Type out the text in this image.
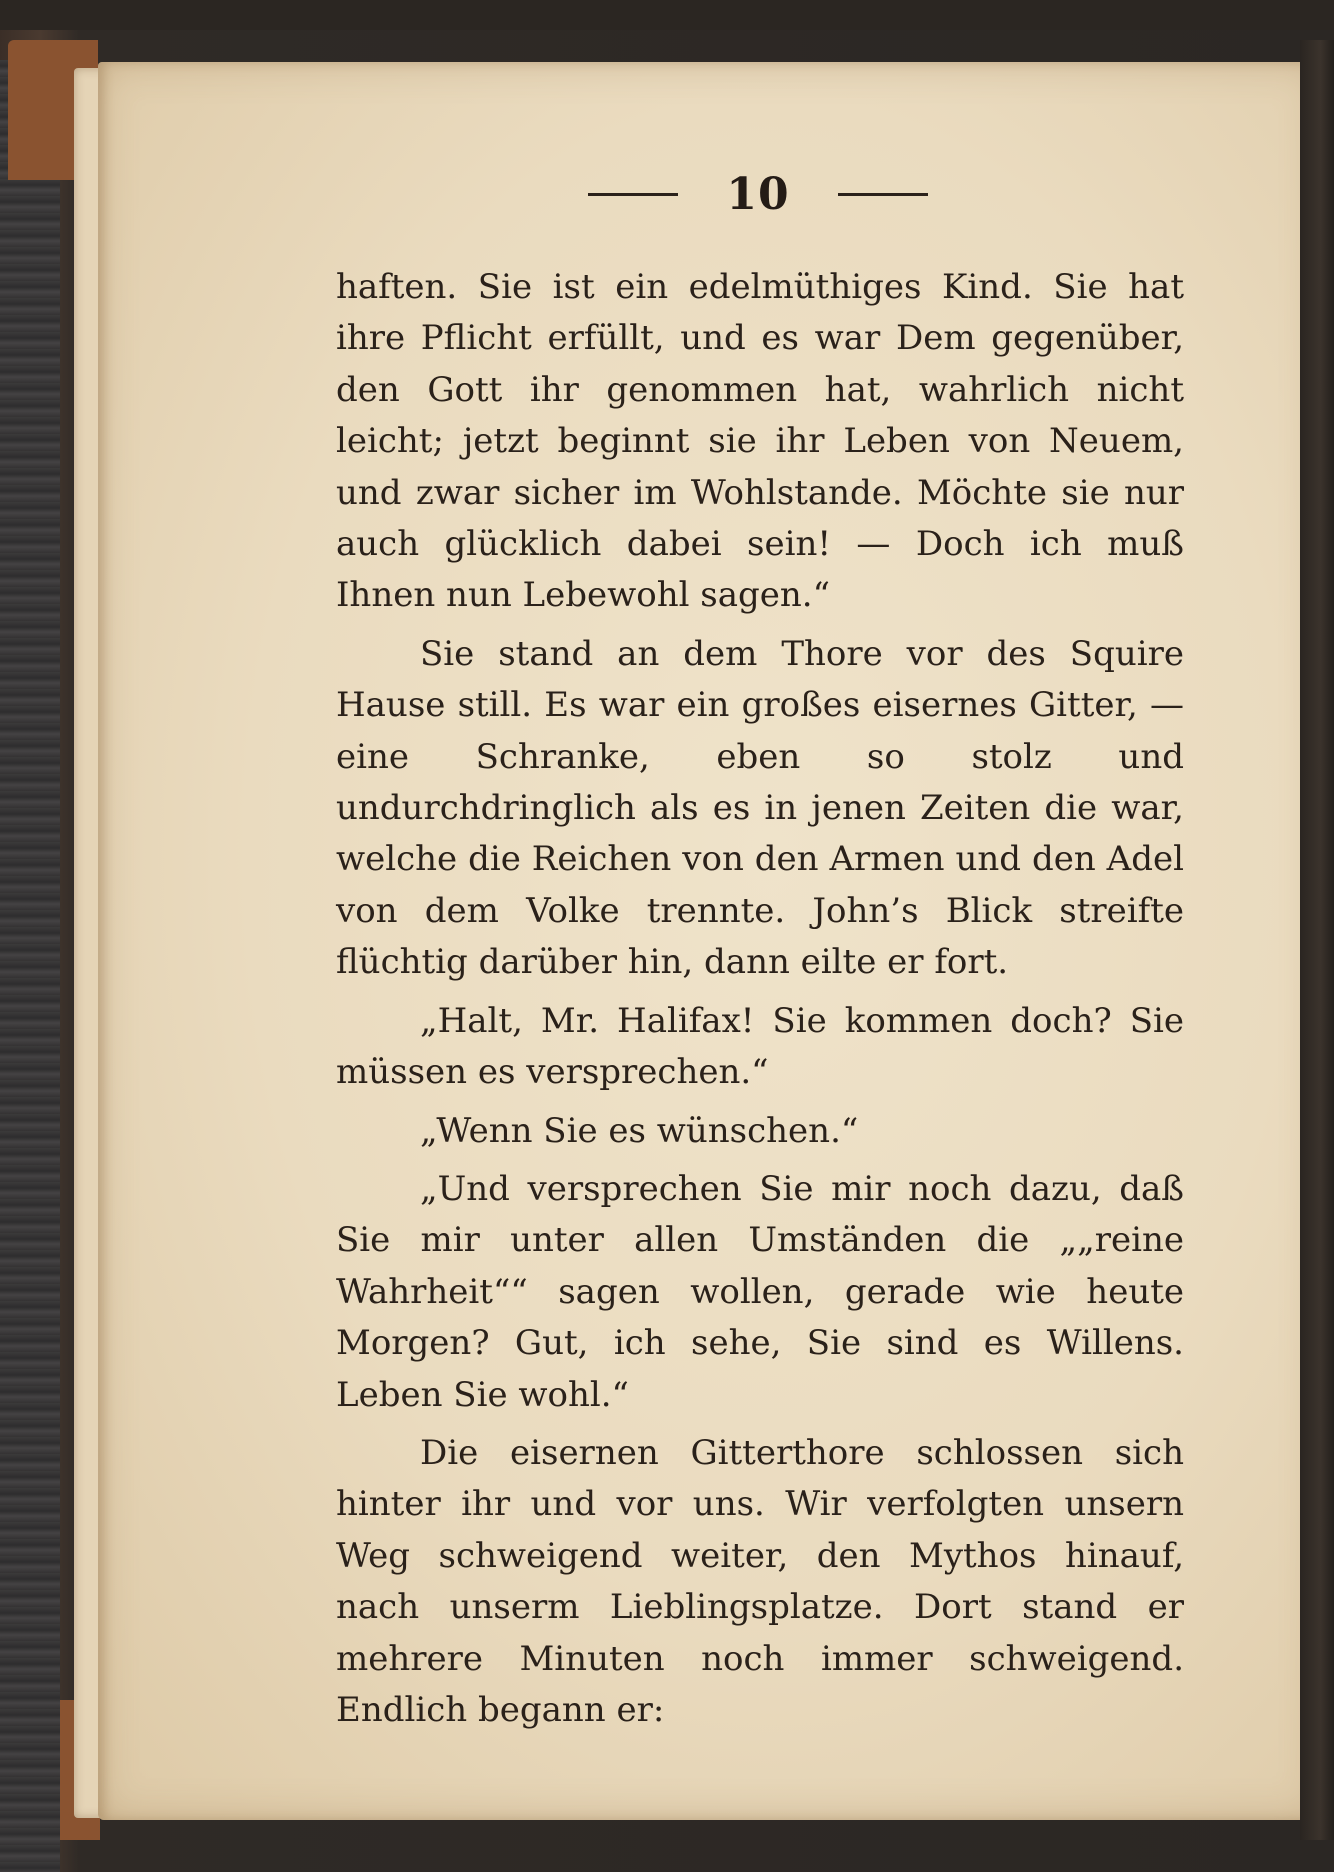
10

haften. Sie ist ein edelmüthiges Kind. Sie hat ihre Pflicht erfüllt, und es war Dem gegenüber, den Gott ihr genommen hat, wahrlich nicht leicht; jetzt beginnt sie ihr Leben von Neuem, und zwar sicher im Wohlstande. Möchte sie nur auch glücklich dabei sein! — Doch ich muß Ihnen nun Lebewohl sagen.“

Sie stand an dem Thore vor des Squire Hause still. Es war ein großes eisernes Gitter, — eine Schranke, eben so stolz und undurchdringlich als es in jenen Zeiten die war, welche die Reichen von den Armen und den Adel von dem Volke trennte. John’s Blick streifte flüchtig darüber hin, dann eilte er fort.

„Halt, Mr. Halifax! Sie kommen doch? Sie müssen es versprechen.“

„Wenn Sie es wünschen.“

„Und versprechen Sie mir noch dazu, daß Sie mir unter allen Umständen die „„reine Wahrheit““ sagen wollen, gerade wie heute Morgen? Gut, ich sehe, Sie sind es Willens. Leben Sie wohl.“

Die eisernen Gitterthore schlossen sich hinter ihr und vor uns. Wir verfolgten unsern Weg schweigend weiter, den Mythos hinauf, nach unserm Lieblingsplatze. Dort stand er mehrere Minuten noch immer schweigend. Endlich begann er:
